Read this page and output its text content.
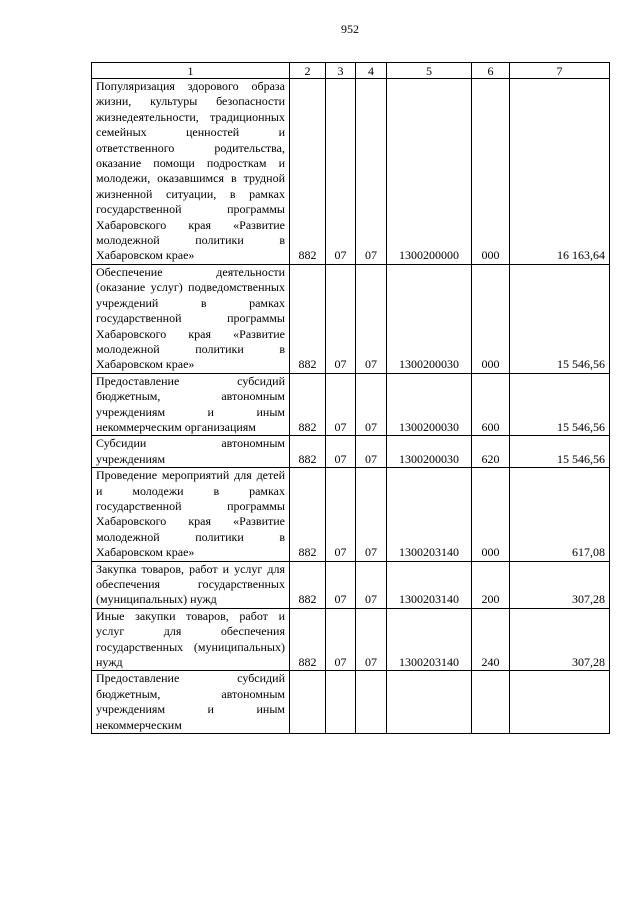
952
1	2	3	4	5	6	7
Популяризация здорового образа жизни, культуры безопасности жизнедеятельности, традиционных семейных ценностей и ответственного родительства, оказание помощи подросткам и молодежи, оказавшимся в трудной жизненной ситуации, в рамках государственной программы Хабаровского края «Развитие молодежной политики в Хабаровском крае»	882	07	07	1300200000	000	16 163,64
Обеспечение деятельности (оказание услуг) подведомственных учреждений в рамках государственной программы Хабаровского края «Развитие молодежной политики в Хабаровском крае»	882	07	07	1300200030	000	15 546,56
Предоставление субсидий бюджетным, автономным учреждениям и иным некоммерческим организациям	882	07	07	1300200030	600	15 546,56
Субсидии автономным учреждениям	882	07	07	1300200030	620	15 546,56
Проведение мероприятий для детей и молодежи в рамках государственной программы Хабаровского края «Развитие молодежной политики в Хабаровском крае»	882	07	07	1300203140	000	617,08
Закупка товаров, работ и услуг для обеспечения государственных (муниципальных) нужд	882	07	07	1300203140	200	307,28
Иные закупки товаров, работ и услуг для обеспечения государственных (муниципальных) нужд	882	07	07	1300203140	240	307,28
Предоставление субсидий бюджетным, автономным учреждениям и иным некоммерческим						
